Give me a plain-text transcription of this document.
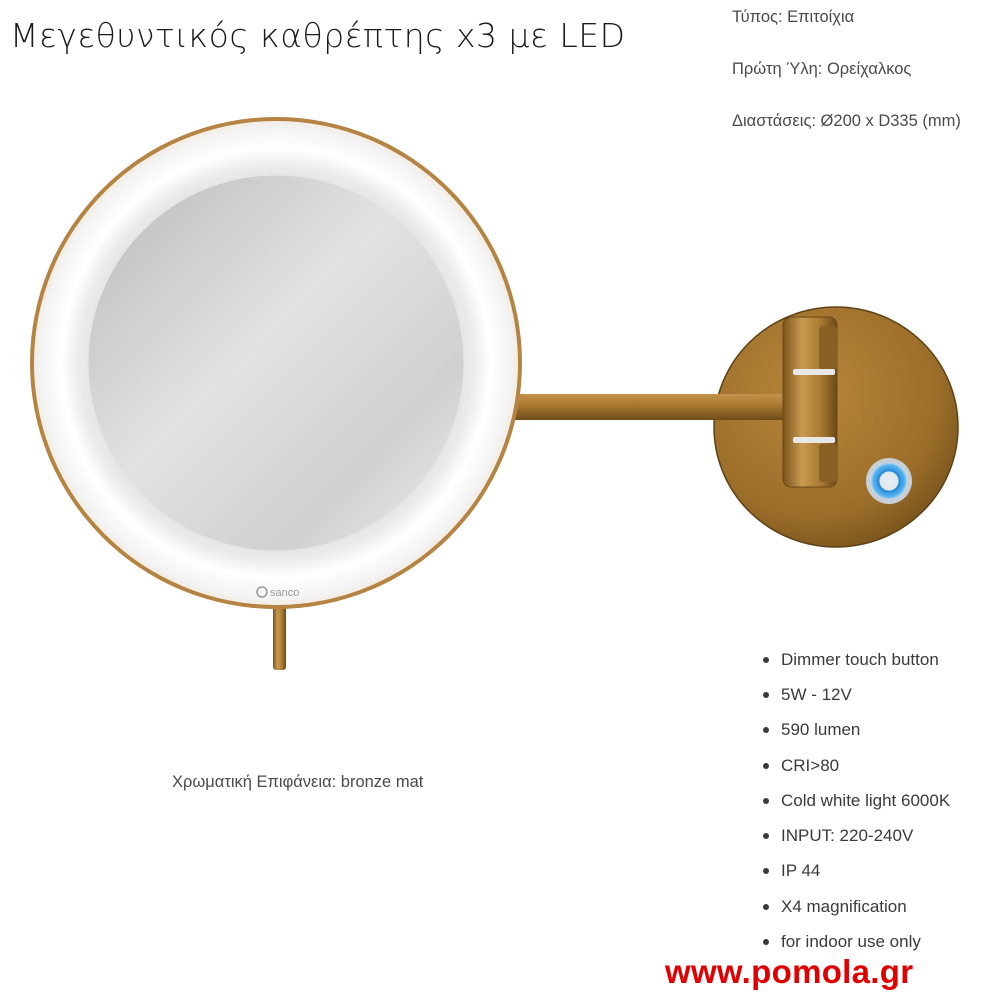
Μεγεθυντικός καθρέπτης x3 με LED	Τύπος: Επιτοίχια
Πρώτη Ύλη: Ορείχαλκος
Διαστάσεις: Ø200 x D335 (mm)
sanco
Χρωματική Επιφάνεια: bronze mat
Dimmer touch button
5W - 12V
590 lumen
CRI>80
Cold white light 6000K
INPUT: 220-240V
IP 44
X4 magnification
for indoor use only
www.pomola.gr
